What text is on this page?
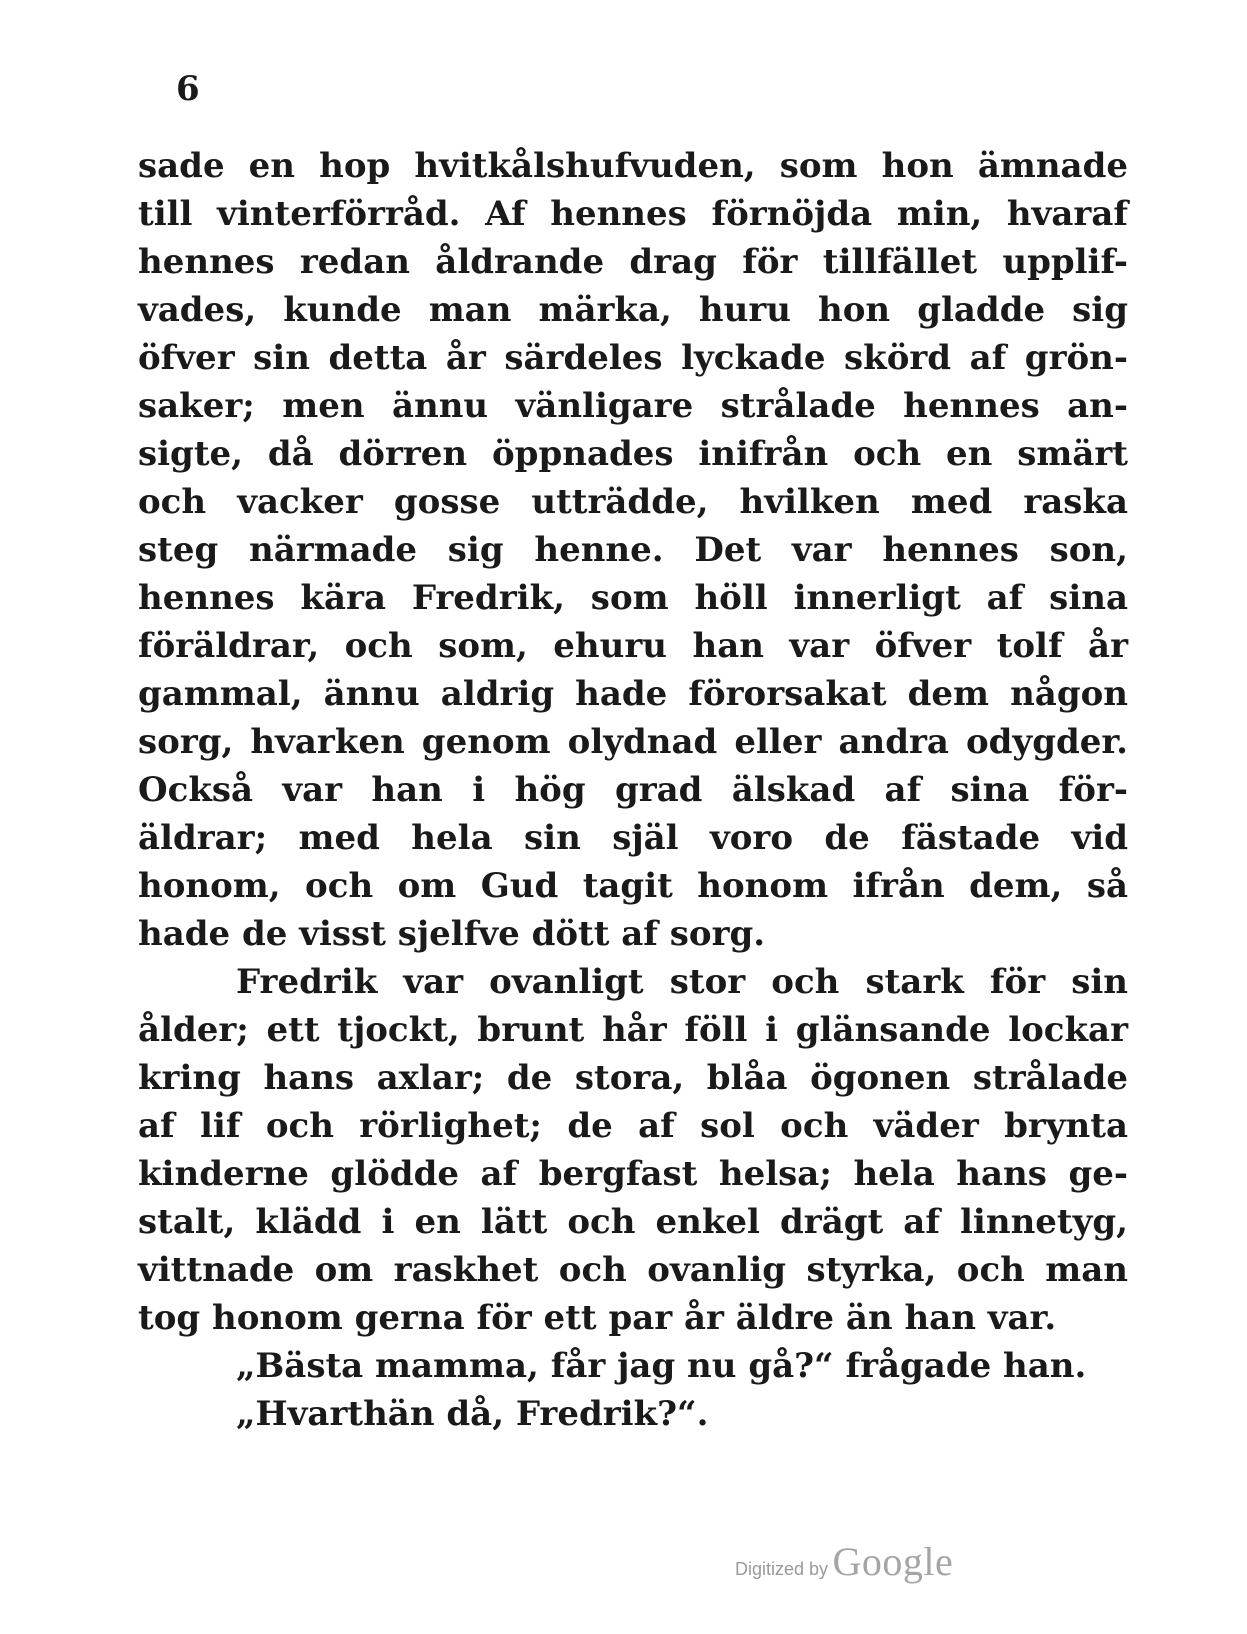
6
sade en hop hvitkålshufvuden, som hon ämnade
till vinterförråd. Af hennes förnöjda min, hvaraf
hennes redan åldrande drag för tillfället upplif-
vades, kunde man märka, huru hon gladde sig
öfver sin detta år särdeles lyckade skörd af grön-
saker; men ännu vänligare strålade hennes an-
sigte, då dörren öppnades inifrån och en smärt
och vacker gosse utträdde, hvilken med raska
steg närmade sig henne. Det var hennes son,
hennes kära Fredrik, som höll innerligt af sina
föräldrar, och som, ehuru han var öfver tolf år
gammal, ännu aldrig hade förorsakat dem någon
sorg, hvarken genom olydnad eller andra odygder.
Också var han i hög grad älskad af sina för-
äldrar; med hela sin själ voro de fästade vid
honom, och om Gud tagit honom ifrån dem, så
hade de visst sjelfve dött af sorg.
Fredrik var ovanligt stor och stark för sin
ålder; ett tjockt, brunt hår föll i glänsande lockar
kring hans axlar; de stora, blåa ögonen strålade
af lif och rörlighet; de af sol och väder brynta
kinderne glödde af bergfast helsa; hela hans ge-
stalt, klädd i en lätt och enkel drägt af linnetyg,
vittnade om raskhet och ovanlig styrka, och man
tog honom gerna för ett par år äldre än han var.
„Bästa mamma, får jag nu gå?“ frågade han.
„Hvarthän då, Fredrik?“.
Digitized by Google
